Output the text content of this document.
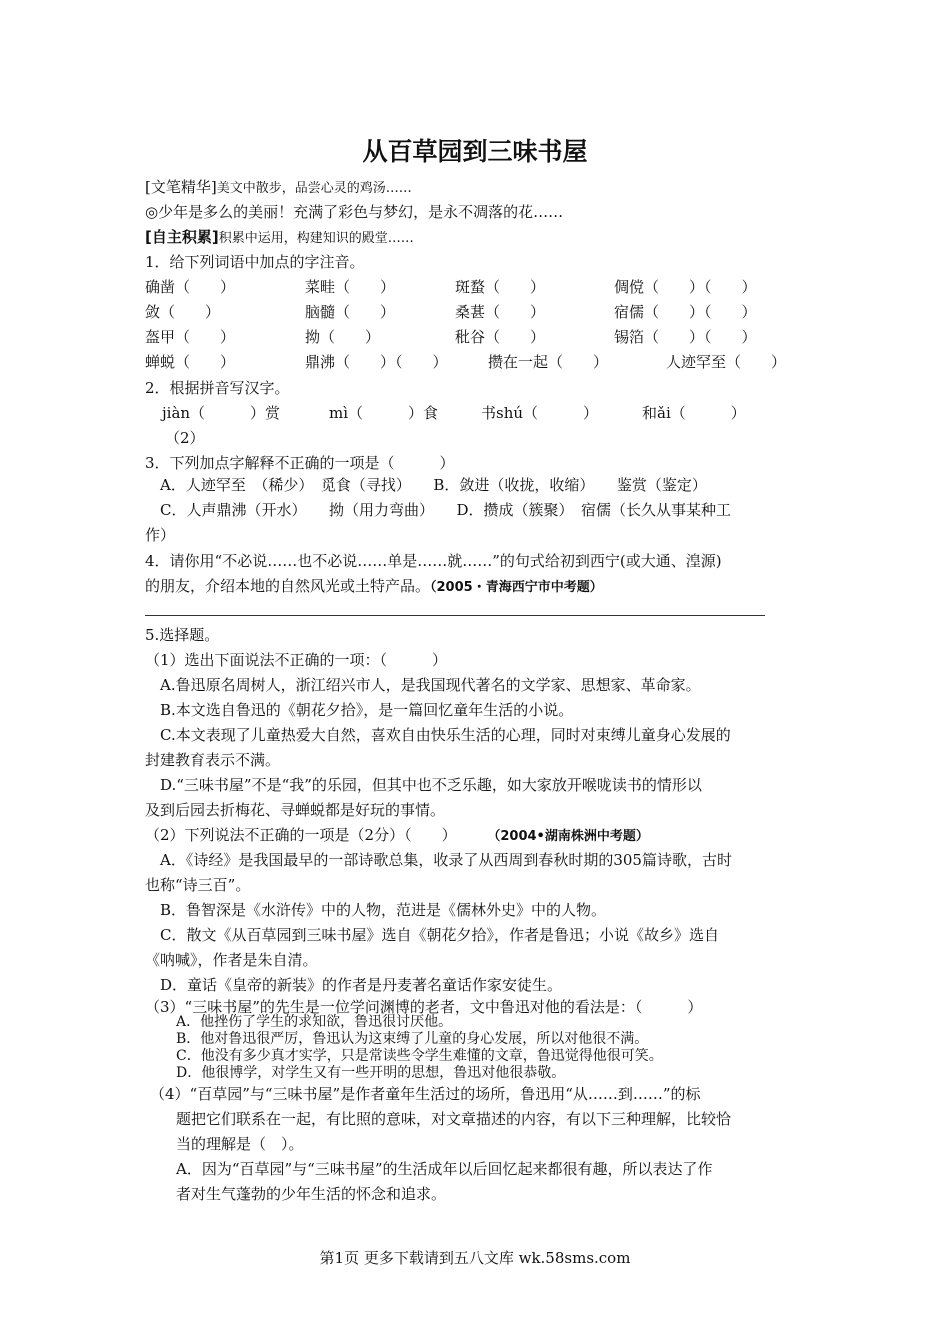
从百草园到三味书屋
[文笔精华]美文中散步，品尝心灵的鸡汤……
◎少年是多么的美丽！充满了彩色与梦幻，是永不凋落的花……
[自主积累]积累中运用，构建知识的殿堂……
1．给下列词语中加点的字注音。
确凿（　　）	菜畦（　　）	斑蝥（　　）	倜傥（　　）（　　）
敛（　　）	脑髓（　　）	桑葚（　　）	宿儒（　　）（　　）
盔甲（　　）	拗（　　）	秕谷（　　）	锡箔（　　）（　　）
蝉蜕（　　）	鼎沸（　　）（　　）	攒在一起（　　）	人迹罕至（　　）
2．根据拼音写汉字。
jiàn（　　　）赏	mì（　　　）食	书shú（　　　）	和ǎi（　　　）
（2）
3．下列加点字解释不正确的一项是（　　　）
A．人迹罕至　（稀少）　觅食（寻找）　　B．敛进（收拢，收缩）　　鉴赏（鉴定）
C．人声鼎沸（开水）　　拗（用力弯曲）　　D．攒成（簇聚）　宿儒（长久从事某种工
作）
4．请你用“不必说……也不必说……单是……就……”的句式给初到西宁(或大通、湟源)
的朋友，介绍本地的自然风光或土特产品。（2005・青海西宁市中考题）
5.选择题。
（1）选出下面说法不正确的一项：（　　　）
A.鲁迅原名周树人，浙江绍兴市人，是我国现代著名的文学家、思想家、革命家。
B.本文选自鲁迅的《朝花夕拾》，是一篇回忆童年生活的小说。
C.本文表现了儿童热爱大自然，喜欢自由快乐生活的心理，同时对束缚儿童身心发展的
封建教育表示不满。
D.“三味书屋”不是“我”的乐园，但其中也不乏乐趣，如大家放开喉咙读书的情形以
及到后园去折梅花、寻蝉蜕都是好玩的事情。
（2）下列说法不正确的一项是（2分）（　　） （2004•湖南株洲中考题）
A．《诗经》是我国最早的一部诗歌总集，收录了从西周到春秋时期的305篇诗歌，古时
也称“诗三百”。
B．鲁智深是《水浒传》中的人物，范进是《儒林外史》中的人物。
C．散文《从百草园到三味书屋》选自《朝花夕拾》，作者是鲁迅；小说《故乡》选自
《呐喊》，作者是朱自清。
D．童话《皇帝的新装》的作者是丹麦著名童话作家安徒生。
（3）“三味书屋”的先生是一位学问渊博的老者，文中鲁迅对他的看法是：（　　　）
A．他挫伤了学生的求知欲，鲁迅很讨厌他。
B．他对鲁迅很严厉，鲁迅认为这束缚了儿童的身心发展，所以对他很不满。
C．他没有多少真才实学，只是常读些令学生难懂的文章，鲁迅觉得他很可笑。
D．他很博学，对学生又有一些开明的思想，鲁迅对他很恭敬。
（4）“百草园”与“三味书屋”是作者童年生活过的场所，鲁迅用“从……到……”的标
题把它们联系在一起，有比照的意味，对文章描述的内容，有以下三种理解，比较恰
当的理解是（　）。
A．因为“百草园”与“三味书屋”的生活成年以后回忆起来都很有趣，所以表达了作
者对生气蓬勃的少年生活的怀念和追求。
第1页 更多下载请到五八文库 wk.58sms.com
